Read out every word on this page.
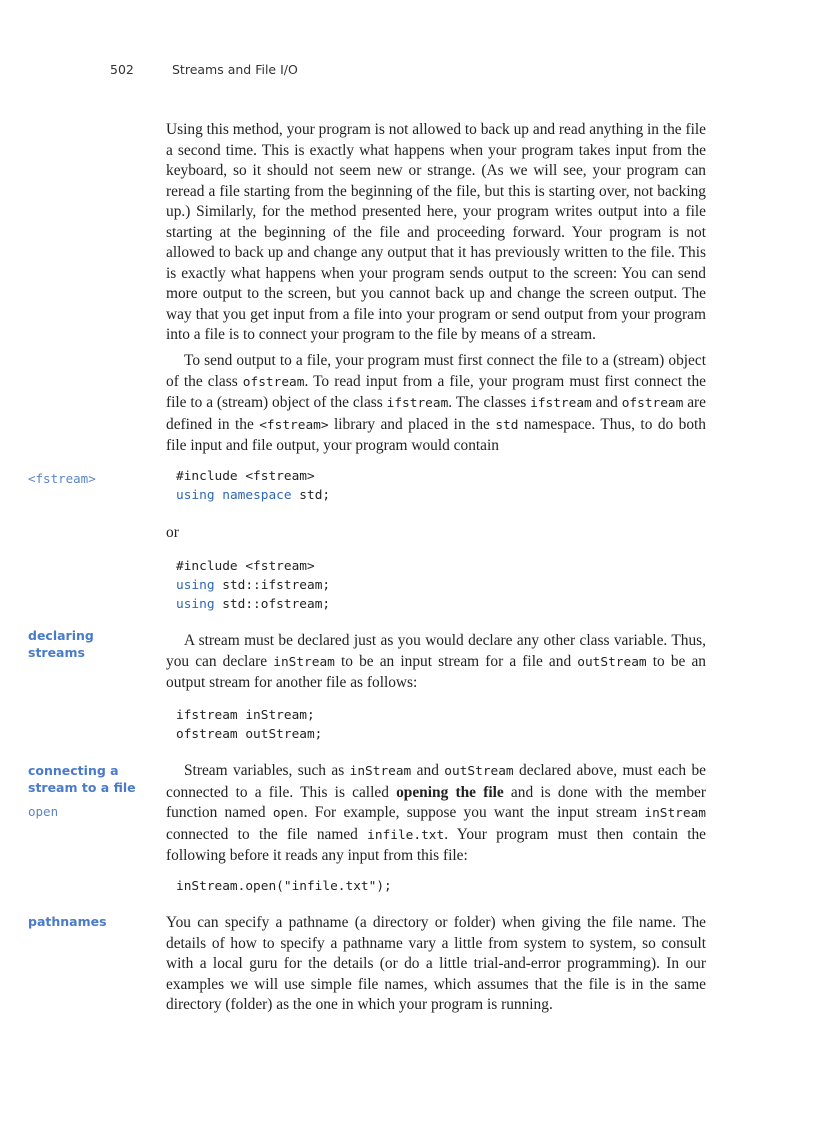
502	Streams and File I/O
Using this method, your program is not allowed to back up and read anything in the file a second time. This is exactly what happens when your program takes input from the keyboard, so it should not seem new or strange. (As we will see, your program can reread a file starting from the beginning of the file, but this is starting over, not backing up.) Similarly, for the method presented here, your program writes output into a file starting at the beginning of the file and proceeding forward. Your program is not allowed to back up and change any output that it has previously written to the file. This is exactly what happens when your program sends output to the screen: You can send more output to the screen, but you cannot back up and change the screen output. The way that you get input from a file into your program or send output from your program into a file is to connect your program to the file by means of a stream.
To send output to a file, your program must first connect the file to a (stream) object of the class ofstream. To read input from a file, your program must first connect the file to a (stream) object of the class ifstream. The classes ifstream and ofstream are defined in the <fstream> library and placed in the std namespace. Thus, to do both file input and file output, your program would contain
<fstream>	#include <fstream>
using namespace std;
or
#include <fstream>
using std::ifstream;
using std::ofstream;
declaring
streams
A stream must be declared just as you would declare any other class variable. Thus, you can declare inStream to be an input stream for a file and outStream to be an output stream for another file as follows:
ifstream inStream;
ofstream outStream;
connecting a
stream to a file
open
Stream variables, such as inStream and outStream declared above, must each be connected to a file. This is called opening the file and is done with the member function named open. For example, suppose you want the input stream inStream connected to the file named infile.txt. Your program must then contain the following before it reads any input from this file:
inStream.open("infile.txt");
pathnames	You can specify a pathname (a directory or folder) when giving the file name. The details of how to specify a pathname vary a little from system to system, so consult with a local guru for the details (or do a little trial-and-error programming). In our examples we will use simple file names, which assumes that the file is in the same directory (folder) as the one in which your program is running.
